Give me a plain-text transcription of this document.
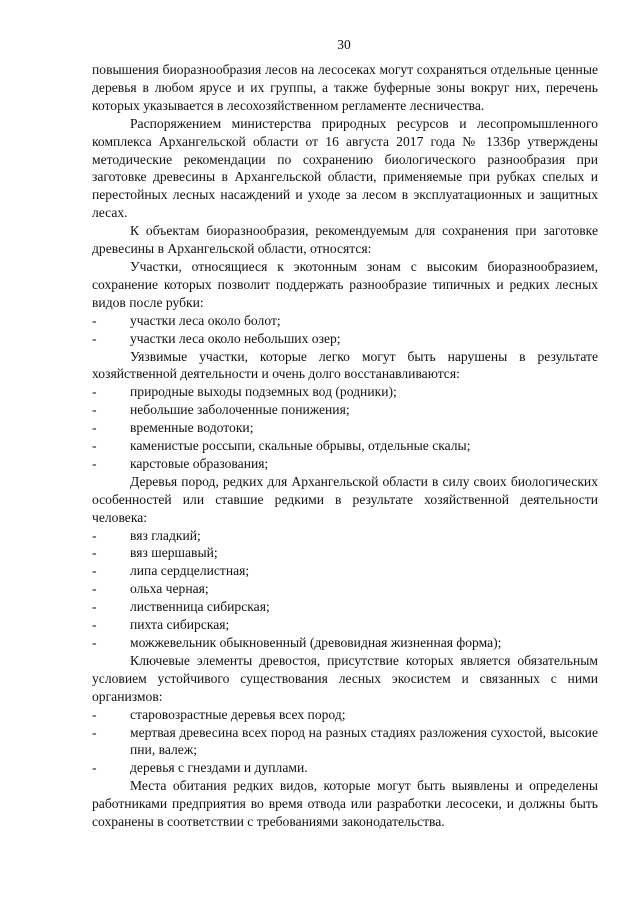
30

повышения биоразнообразия лесов на лесосеках могут сохраняться отдельные ценные деревья в любом ярусе и их группы, а также буферные зоны вокруг них, перечень которых указывается в лесохозяйственном регламенте лесничества.

Распоряжением министерства природных ресурсов и лесопромышленного комплекса Архангельской области от 16 августа 2017 года № 1336р утверждены методические рекомендации по сохранению биологического разнообразия при заготовке древесины в Архангельской области, применяемые при рубках спелых и перестойных лесных насаждений и уходе за лесом в эксплуатационных и защитных лесах.

К объектам биоразнообразия, рекомендуемым для сохранения при заготовке древесины в Архангельской области, относятся:

Участки, относящиеся к экотонным зонам с высоким биоразнообразием, сохранение которых позволит поддержать разнообразие типичных и редких лесных видов после рубки:

-	участки леса около болот;
-	участки леса около небольших озер;

Уязвимые участки, которые легко могут быть нарушены в результате хозяйственной деятельности и очень долго восстанавливаются:

-	природные выходы подземных вод (родники);
-	небольшие заболоченные понижения;
-	временные водотоки;
-	каменистые россыпи, скальные обрывы, отдельные скалы;
-	карстовые образования;

Деревья пород, редких для Архангельской области в силу своих биологических особенностей или ставшие редкими в результате хозяйственной деятельности человека:

-	вяз гладкий;
-	вяз шершавый;
-	липа сердцелистная;
-	ольха черная;
-	лиственница сибирская;
-	пихта сибирская;
-	можжевельник обыкновенный (древовидная жизненная форма);

Ключевые элементы древостоя, присутствие которых является обязательным условием устойчивого существования лесных экосистем и связанных с ними организмов:

-	старовозрастные деревья всех пород;
-	мертвая древесина всех пород на разных стадиях разложения сухостой, высокие пни, валеж;
-	деревья с гнездами и дуплами.

Места обитания редких видов, которые могут быть выявлены и определены работниками предприятия во время отвода или разработки лесосеки, и должны быть сохранены в соответствии с требованиями законодательства.
